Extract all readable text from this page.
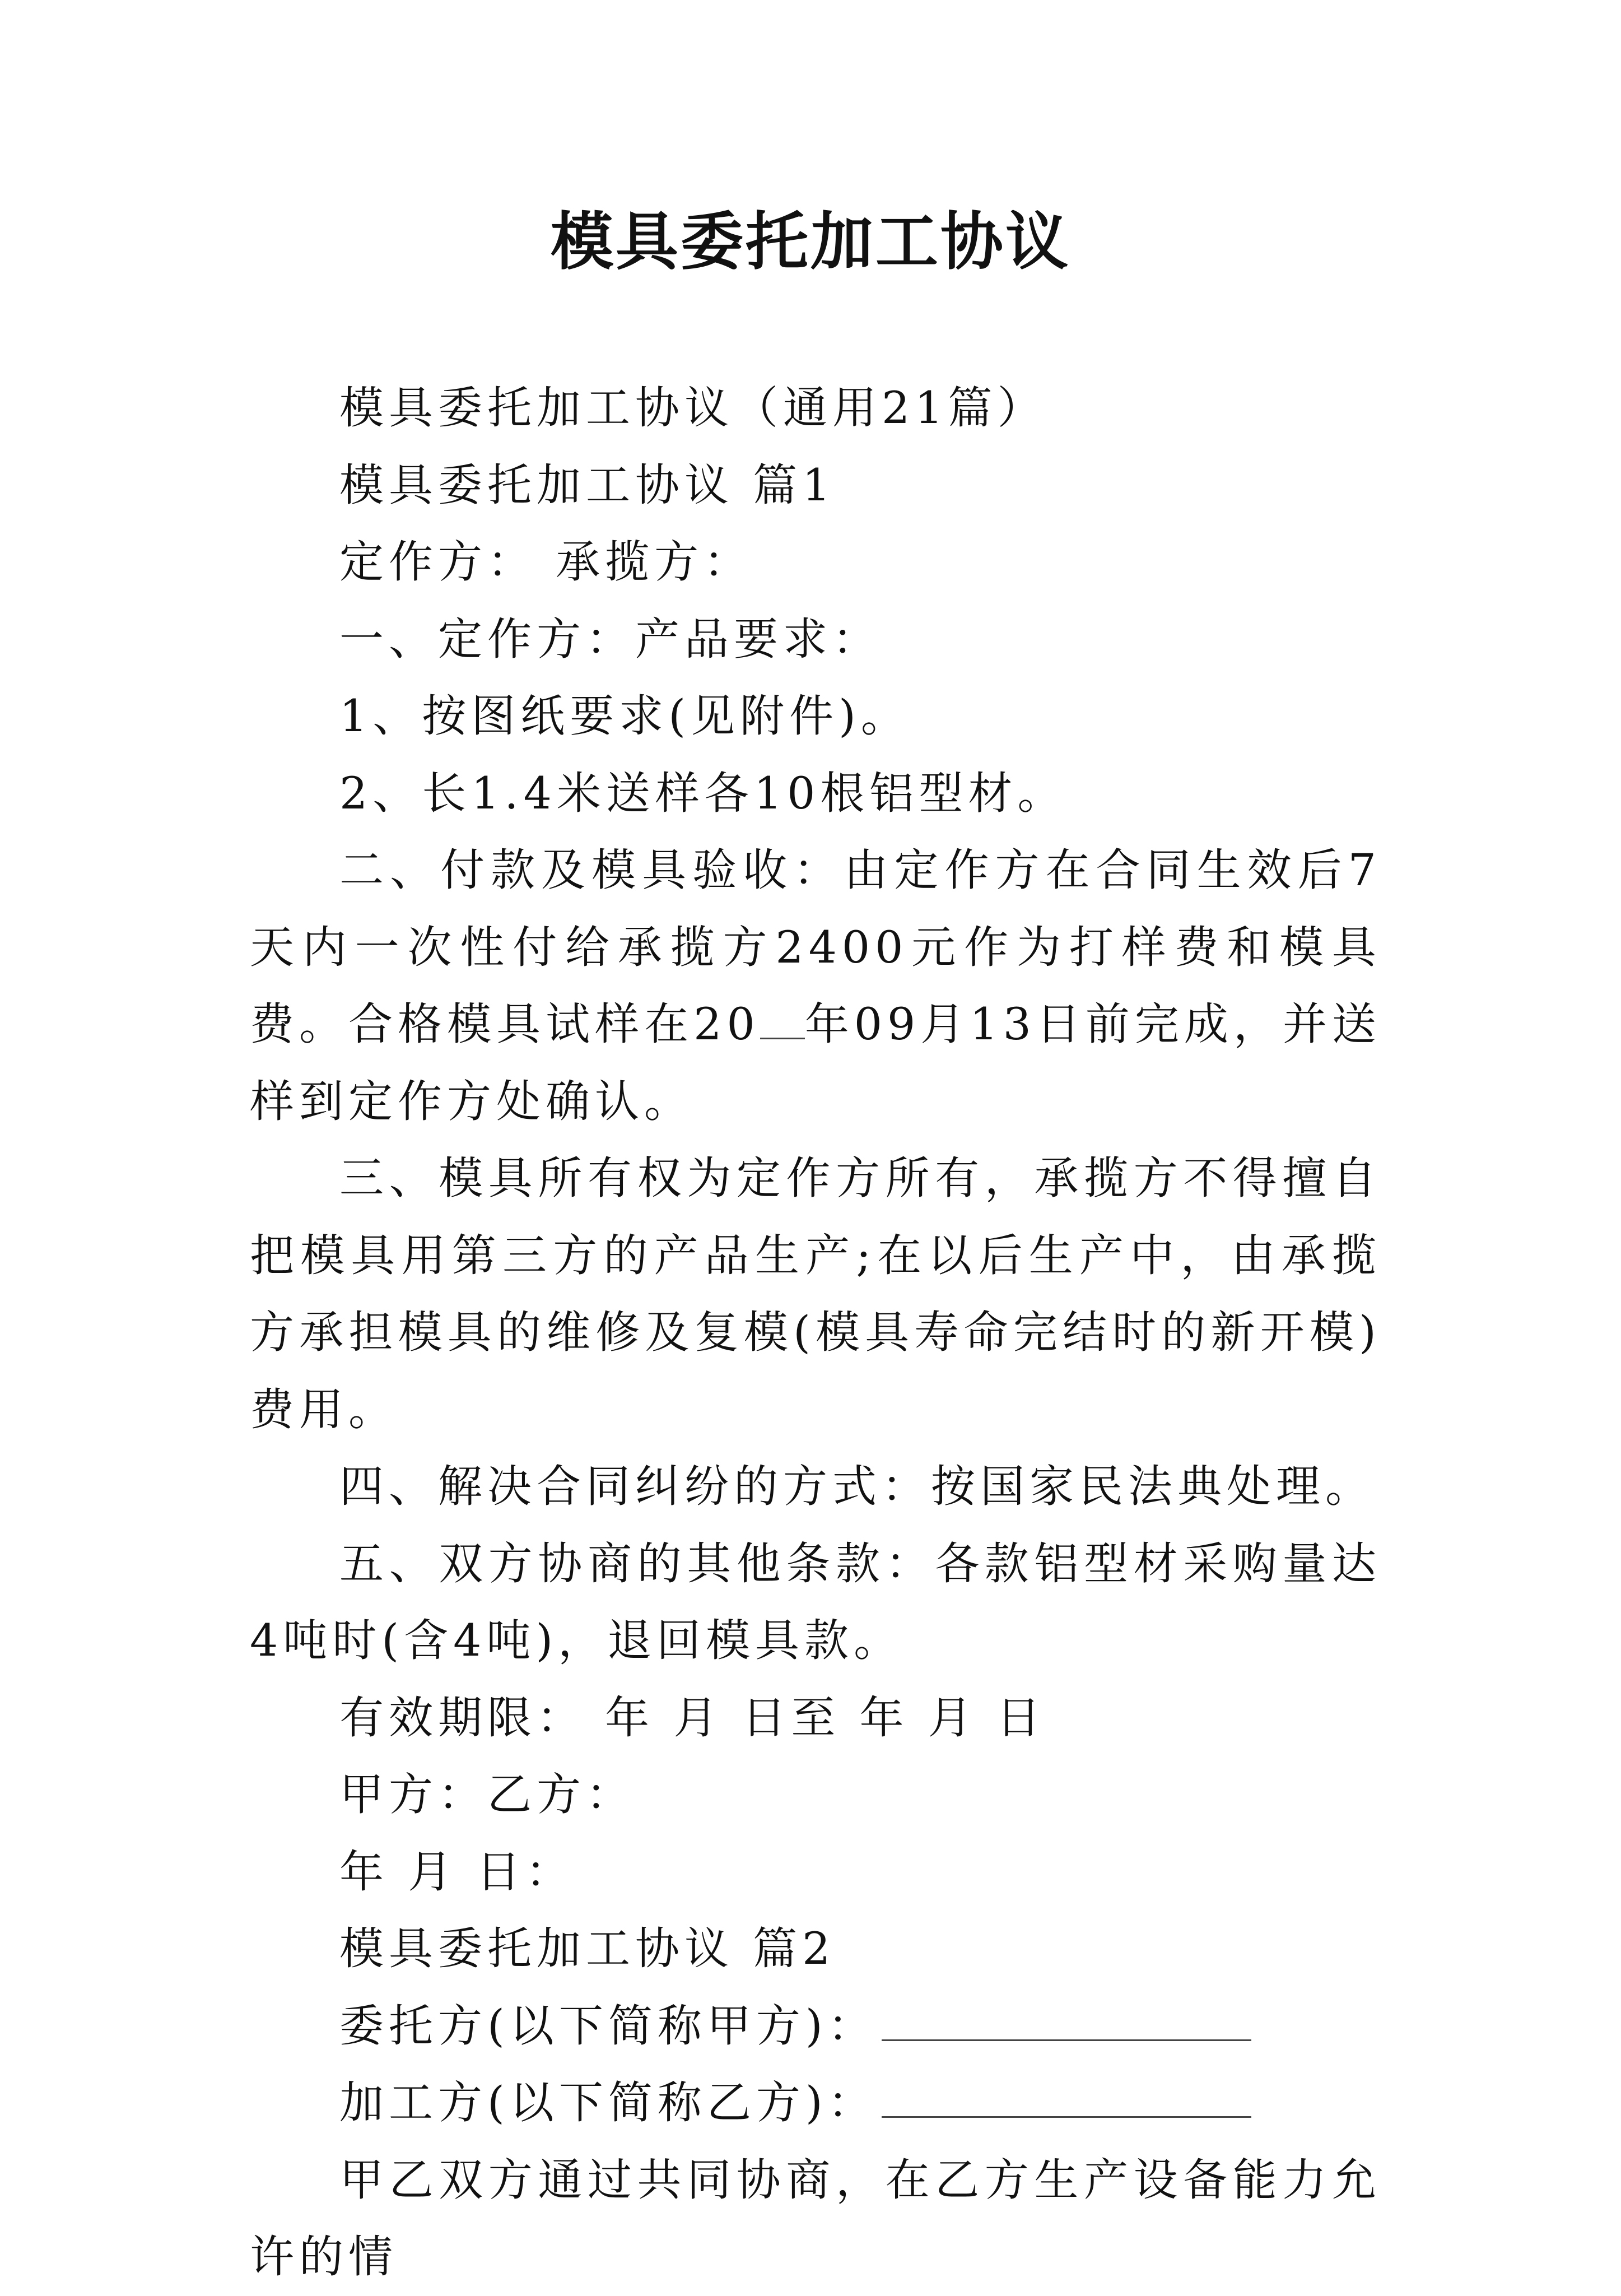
模具委托加工协议

模具委托加工协议（通用21篇）

模具委托加工协议 篇1

定作方： 承揽方：

一、定作方：产品要求：

1、按图纸要求(见附件)。

2、长1.4米送样各10根铝型材。

二、付款及模具验收：由定作方在合同生效后7天内一次性付给承揽方2400元作为打样费和模具费。合格模具试样在20 年09月13日前完成，并送样到定作方处确认。

三、模具所有权为定作方所有，承揽方不得擅自把模具用第三方的产品生产;在以后生产中，由承揽方承担模具的维修及复模(模具寿命完结时的新开模)费用。

四、解决合同纠纷的方式：按国家民法典处理。

五、双方协商的其他条款：各款铝型材采购量达4吨时(含4吨)，退回模具款。

有效期限： 年 月 日至 年 月 日

甲方：乙方：

年 月 日：

模具委托加工协议 篇2

委托方(以下简称甲方)：

加工方(以下简称乙方)：

甲乙双方通过共同协商，在乙方生产设备能力允许的情
